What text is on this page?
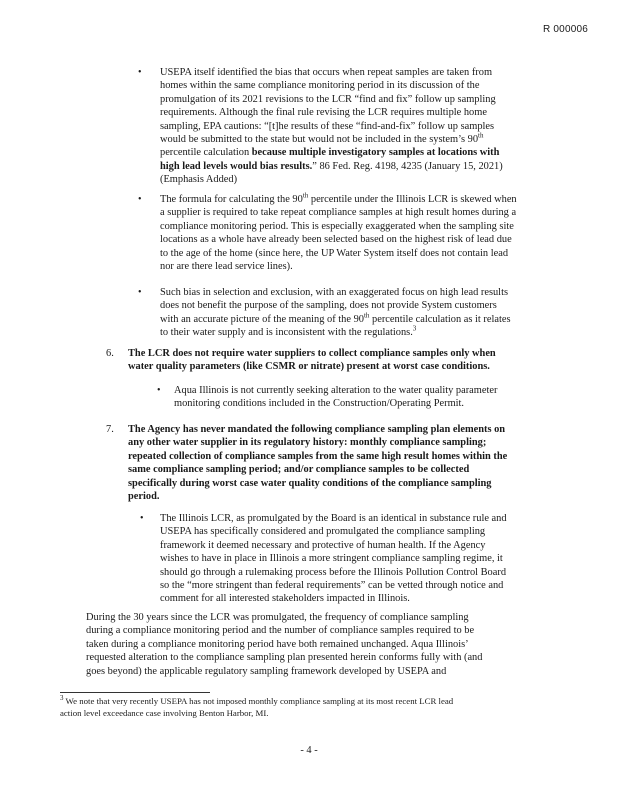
R 000006
• USEPA itself identified the bias that occurs when repeat samples are taken from

homes within the same compliance monitoring period in its discussion of the

promulgation of its 2021 revisions to the LCR “find and fix” follow up sampling

requirements. Although the final rule revising the LCR requires multiple home

sampling, EPA cautions: “[t]he results of these “find-and-fix” follow up samples

would be submitted to the state but would not be included in the system’s 90th

percentile calculation because multiple investigatory samples at locations with

high lead levels would bias results.” 86 Fed. Reg. 4198, 4235 (January 15, 2021)

(Emphasis Added)

• The formula for calculating the 90th percentile under the Illinois LCR is skewed when

a supplier is required to take repeat compliance samples at high result homes during a

compliance monitoring period. This is especially exaggerated when the sampling site

locations as a whole have already been selected based on the highest risk of lead due

to the age of the home (since here, the UP Water System itself does not contain lead

nor are there lead service lines).

• Such bias in selection and exclusion, with an exaggerated focus on high lead results

does not benefit the purpose of the sampling, does not provide System customers

with an accurate picture of the meaning of the 90th percentile calculation as it relates

to their water supply and is inconsistent with the regulations.$^3$

6. The LCR does not require water suppliers to collect compliance samples only when

water quality parameters (like CSMR or nitrate) present at worst case conditions.

• Aqua Illinois is not currently seeking alteration to the water quality parameter

monitoring conditions included in the Construction/Operating Permit.

7. The Agency has never mandated the following compliance sampling plan elements on

any other water supplier in its regulatory history: monthly compliance sampling;

repeated collection of compliance samples from the same high result homes within the

same compliance sampling period; and/or compliance samples to be collected

specifically during worst case water quality conditions of the compliance sampling

period.

• The Illinois LCR, as promulgated by the Board is an identical in substance rule and

USEPA has specifically considered and promulgated the compliance sampling

framework it deemed necessary and protective of human health. If the Agency

wishes to have in place in Illinois a more stringent compliance sampling regime, it

should go through a rulemaking process before the Illinois Pollution Control Board

so the “more stringent than federal requirements” can be vetted through notice and

comment for all interested stakeholders impacted in Illinois.

During the 30 years since the LCR was promulgated, the frequency of compliance sampling

during a compliance monitoring period and the number of compliance samples required to be

taken during a compliance monitoring period have both remained unchanged. Aqua Illinois’

requested alteration to the compliance sampling plan presented herein conforms fully with (and

goes beyond) the applicable regulatory sampling framework developed by USEPA and

$^3$ We note that very recently USEPA has not imposed monthly compliance sampling at its most recent LCR lead

action level exceedance case involving Benton Harbor, MI.

- 4 -
